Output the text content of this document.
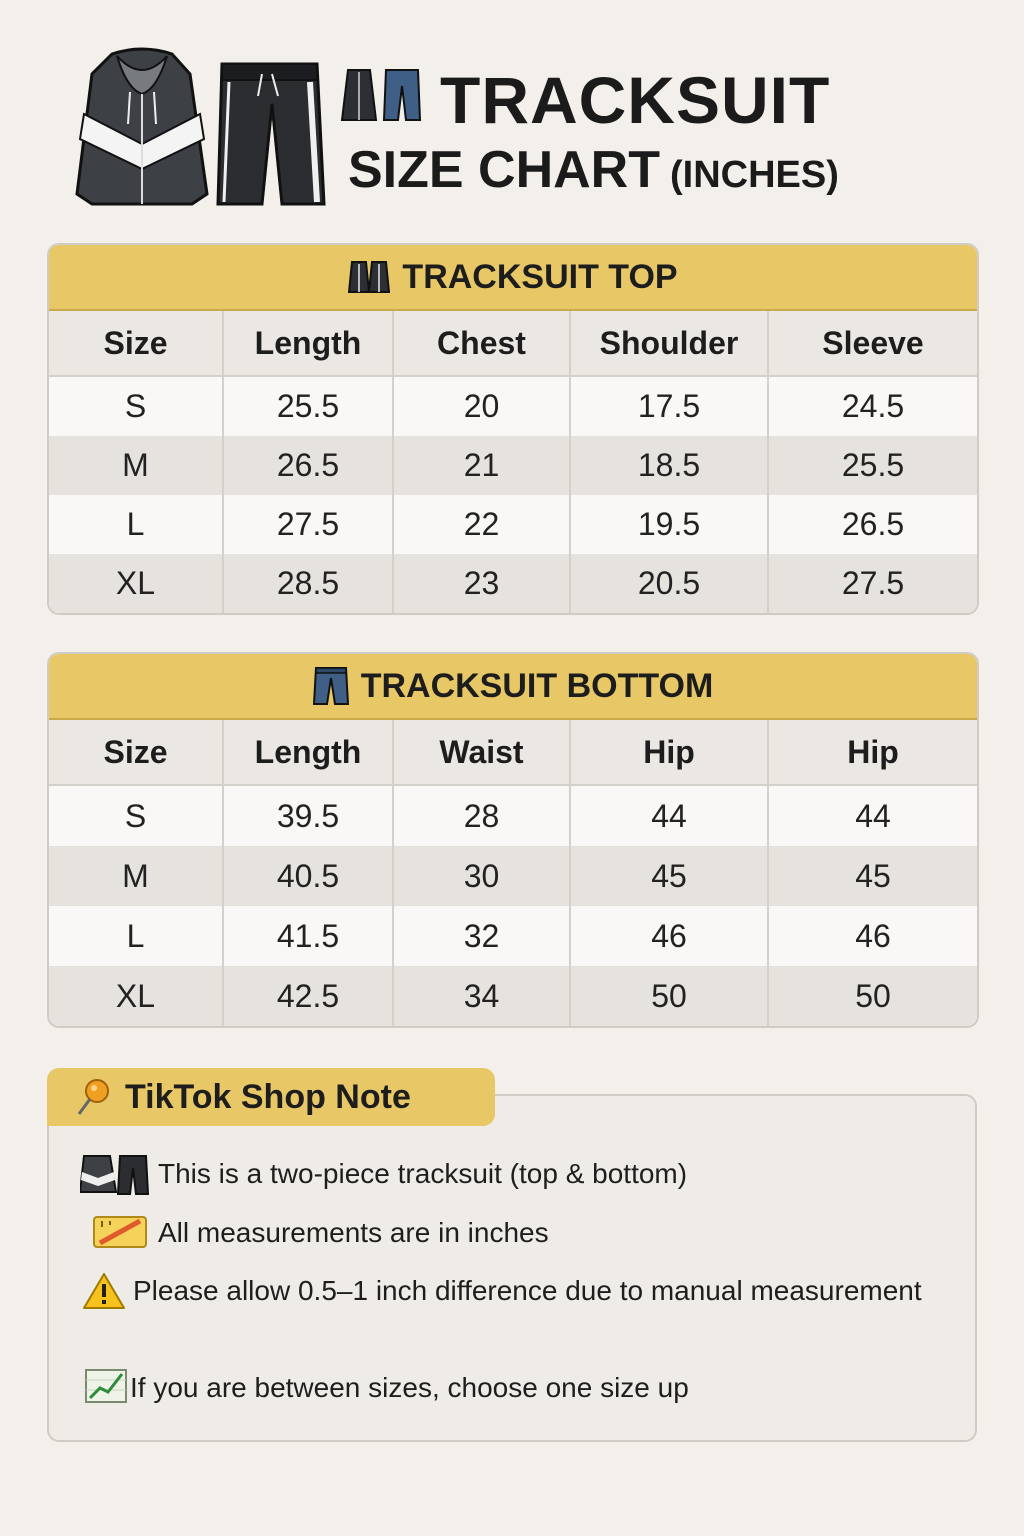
TRACKSUIT
SIZE CHART (INCHES)
TRACKSUIT TOP
Size	Length	Chest	Shoulder	Sleeve
S	25.5	20	17.5	24.5
M	26.5	21	18.5	25.5
L	27.5	22	19.5	26.5
XL	28.5	23	20.5	27.5
TRACKSUIT BOTTOM
Size	Length	Waist	Hip	Hip
S	39.5	28	44	44
M	40.5	30	45	45
L	41.5	32	46	46
XL	42.5	34	50	50
TikTok Shop Note
This is a two-piece tracksuit (top & bottom)
All measurements are in inches
Please allow 0.5–1 inch difference due to manual measurement
If you are between sizes, choose one size up
